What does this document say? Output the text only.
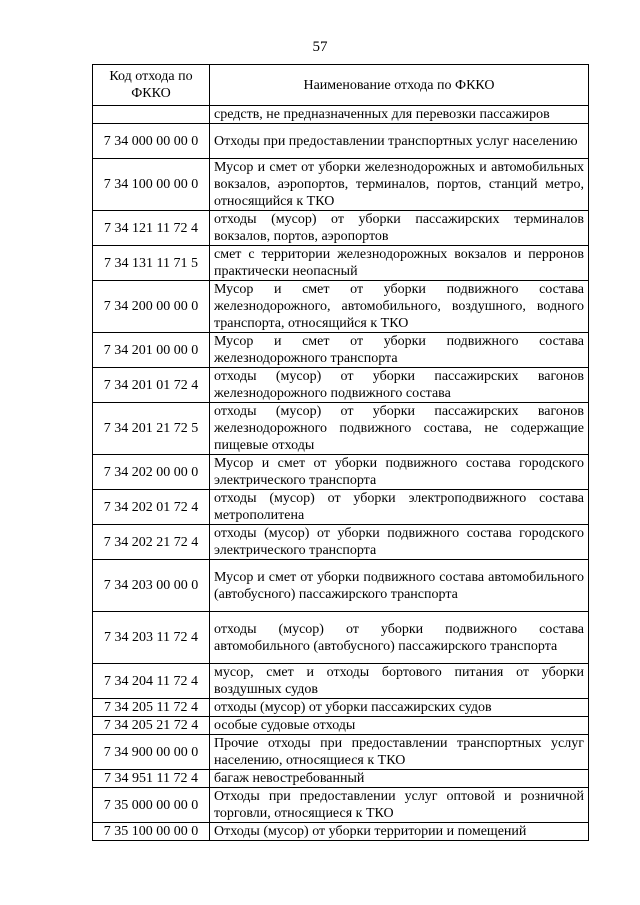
57
Код отхода по ФККО	Наименование отхода по ФККО
	средств, не предназначенных для перевозки пассажиров
7 34 000 00 00 0	Отходы при предоставлении транспортных услуг населению
7 34 100 00 00 0	Мусор и смет от уборки железнодорожных и автомобильных вокзалов, аэропортов, терминалов, портов, станций метро, относящийся к ТКО
7 34 121 11 72 4	отходы (мусор) от уборки пассажирских терминалов вокзалов, портов, аэропортов
7 34 131 11 71 5	смет с территории железнодорожных вокзалов и перронов практически неопасный
7 34 200 00 00 0	Мусор и смет от уборки подвижного состава железнодорожного, автомобильного, воздушного, водного транспорта, относящийся к ТКО
7 34 201 00 00 0	Мусор и смет от уборки подвижного состава железнодорожного транспорта
7 34 201 01 72 4	отходы (мусор) от уборки пассажирских вагонов железнодорожного подвижного состава
7 34 201 21 72 5	отходы (мусор) от уборки пассажирских вагонов железнодорожного подвижного состава, не содержащие пищевые отходы
7 34 202 00 00 0	Мусор и смет от уборки подвижного состава городского электрического транспорта
7 34 202 01 72 4	отходы (мусор) от уборки электроподвижного состава метрополитена
7 34 202 21 72 4	отходы (мусор) от уборки подвижного состава городского электрического транспорта
7 34 203 00 00 0	Мусор и смет от уборки подвижного состава автомобильного (автобусного) пассажирского транспорта
7 34 203 11 72 4	отходы (мусор) от уборки подвижного состава автомобильного (автобусного) пассажирского транспорта
7 34 204 11 72 4	мусор, смет и отходы бортового питания от уборки воздушных судов
7 34 205 11 72 4	отходы (мусор) от уборки пассажирских судов
7 34 205 21 72 4	особые судовые отходы
7 34 900 00 00 0	Прочие отходы при предоставлении транспортных услуг населению, относящиеся к ТКО
7 34 951 11 72 4	багаж невостребованный
7 35 000 00 00 0	Отходы при предоставлении услуг оптовой и розничной торговли, относящиеся к ТКО
7 35 100 00 00 0	Отходы (мусор) от уборки территории и помещений
